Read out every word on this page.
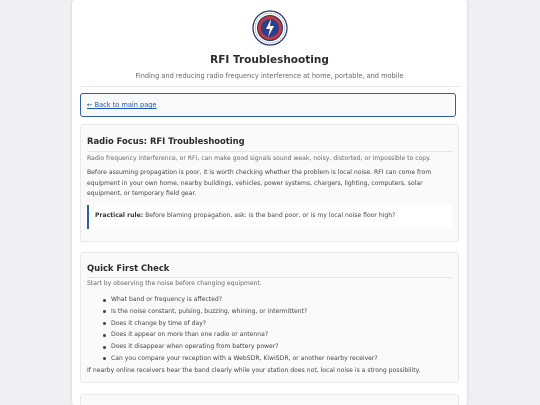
RFI Troubleshooting
Finding and reducing radio frequency interference at home, portable, and mobile
← Back to main page
Radio Focus: RFI Troubleshooting

Radio frequency interference, or RFI, can make good signals sound weak, noisy, distorted, or impossible to copy.

Before assuming propagation is poor, it is worth checking whether the problem is local noise. RFI can come from equipment in your own home, nearby buildings, vehicles, power systems, chargers, lighting, computers, solar equipment, or temporary field gear.

Practical rule: Before blaming propagation, ask: is the band poor, or is my local noise floor high?
Quick First Check

Start by observing the noise before changing equipment.

What band or frequency is affected?
Is the noise constant, pulsing, buzzing, whining, or intermittent?
Does it change by time of day?
Does it appear on more than one radio or antenna?
Does it disappear when operating from battery power?
Can you compare your reception with a WebSDR, KiwiSDR, or another nearby receiver?

If nearby online receivers hear the band clearly while your station does not, local noise is a strong possibility.
